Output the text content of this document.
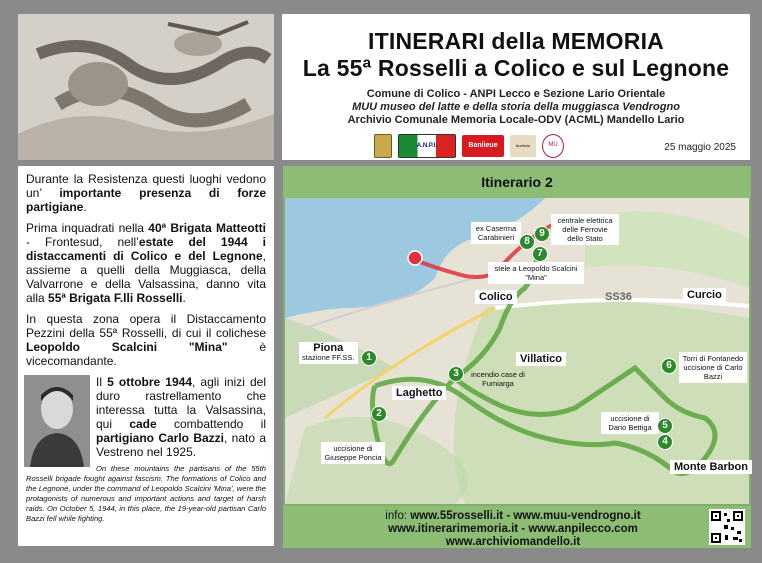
ITINERARI della MEMORIA
La 55ª Rosselli a Colico e sul Legnone
Comune di Colico - ANPI Lecco e Sezione Lario Orientale
MUU museo del latte e della storia della muggiasca Vendrogno
Archivio Comunale Memoria Locale-ODV (ACML) Mandello Lario
A.N.P.I.	Banlieue	Archivio	MU	25 maggio 2025

Durante la Resistenza questi luoghi vedono un’ importante presenza di forze partigiane.

Prima inquadrati nella 40ª Brigata Matteotti - Frontesud, nell’estate del 1944 i distaccamenti di Colico e del Legnone, assieme a quelli della Muggiasca, della Valvarrone e della Valsassina, danno vita alla 55ª Brigata F.lli Rosselli.

In questa zona opera il Distaccamento Pezzini della 55ª Rosselli, di cui il colichese Leopoldo Scalcini "Mina" è vicecomandante.

Il 5 ottobre 1944, agli inizi del duro rastrellamento che interessa tutta la Valsassina, qui cade combattendo il partigiano Carlo Bazzi, nato a Vestreno nel 1925.

On these mountains the partisans of the 55th Rosselli brigade fought against fascism. The formations of Colico and the Legnone, under the command of Leopoldo Scalcini 'Mina', were the protagonists of numerous and important actions and target of harsh raids. On October 5, 1944, in this place, the 19-year-old partisan Carlo Bazzi fell while fighting.

Itinerario 2
Colico	Curcio
SS36
Villatico
Laghetto
Monte Barbon
Piona
stazione FF.SS.
ex Caserma Carabinieri
centrale elettrica delle Ferrovie dello Stato
stele a Leopoldo Scalcini "Mina"
incendio case di Fumiarga
uccisione di Giuseppe Poncia
Torri di Fontanedo uccisione di Carlo Bazzi
uccisione di Dario Bettiga
1
2
3
4
5
6
7
8
9
info: www.55rosselli.it - www.muu-vendrogno.it
www.itinerarimemoria.it - www.anpilecco.com
www.archiviomandello.it
